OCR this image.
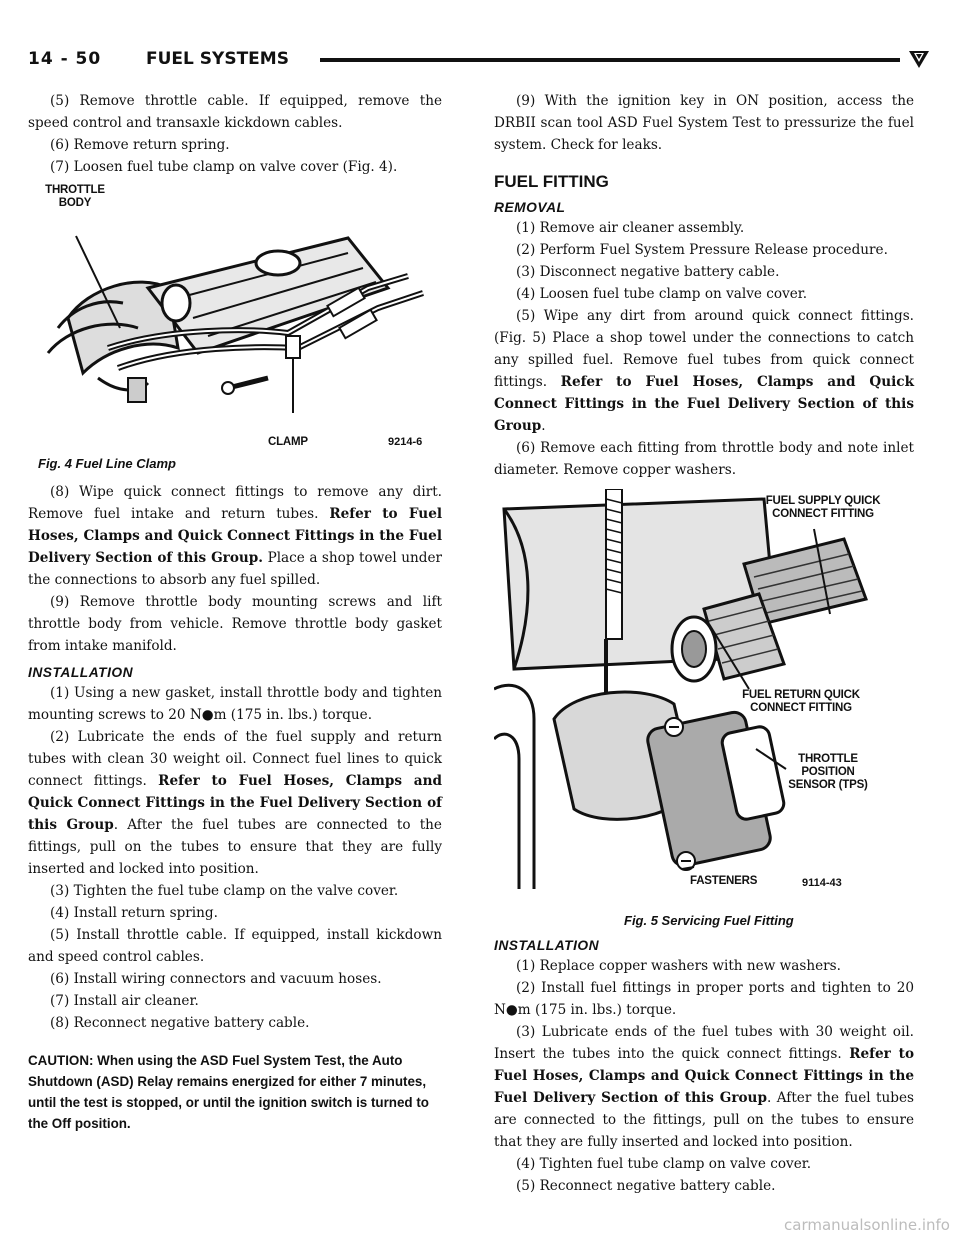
14 - 50	FUEL SYSTEMS

(5) Remove throttle cable. If equipped, remove the speed control and transaxle kickdown cables.

(6) Remove return spring.

(7) Loosen fuel tube clamp on valve cover (Fig. 4).

THROTTLE BODY
CLAMP	9214-6
Fig. 4 Fuel Line Clamp

(8) Wipe quick connect fittings to remove any dirt. Remove fuel intake and return tubes. Refer to Fuel Hoses, Clamps and Quick Connect Fittings in the Fuel Delivery Section of this Group. Place a shop towel under the connections to absorb any fuel spilled.

(9) Remove throttle body mounting screws and lift throttle body from vehicle. Remove throttle body gasket from intake manifold.

INSTALLATION

(1) Using a new gasket, install throttle body and tighten mounting screws to 20 N●m (175 in. lbs.) torque.

(2) Lubricate the ends of the fuel supply and return tubes with clean 30 weight oil. Connect fuel lines to quick connect fittings. Refer to Fuel Hoses, Clamps and Quick Connect Fittings in the Fuel Delivery Section of this Group. After the fuel tubes are connected to the fittings, pull on the tubes to ensure that they are fully inserted and locked into position.

(3) Tighten the fuel tube clamp on the valve cover.

(4) Install return spring.

(5) Install throttle cable. If equipped, install kickdown and speed control cables.

(6) Install wiring connectors and vacuum hoses.

(7) Install air cleaner.

(8) Reconnect negative battery cable.

CAUTION: When using the ASD Fuel System Test, the Auto Shutdown (ASD) Relay remains energized for either 7 minutes, until the test is stopped, or until the ignition switch is turned to the Off position.

(9) With the ignition key in ON position, access the DRBII scan tool ASD Fuel System Test to pressurize the fuel system. Check for leaks.

FUEL FITTING
REMOVAL

(1) Remove air cleaner assembly.

(2) Perform Fuel System Pressure Release procedure.

(3) Disconnect negative battery cable.

(4) Loosen fuel tube clamp on valve cover.

(5) Wipe any dirt from around quick connect fittings. (Fig. 5) Place a shop towel under the connections to catch any spilled fuel. Remove fuel tubes from quick connect fittings. Refer to Fuel Hoses, Clamps and Quick Connect Fittings in the Fuel Delivery Section of this Group.

(6) Remove each fitting from throttle body and note inlet diameter. Remove copper washers.

FUEL SUPPLY QUICK CONNECT FITTING
FUEL RETURN QUICK CONNECT FITTING
THROTTLE POSITION SENSOR (TPS)
FASTENERS	9114-43
Fig. 5 Servicing Fuel Fitting
INSTALLATION

(1) Replace copper washers with new washers.

(2) Install fuel fittings in proper ports and tighten to 20 N●m (175 in. lbs.) torque.

(3) Lubricate ends of the fuel tubes with 30 weight oil. Insert the tubes into the quick connect fittings. Refer to Fuel Hoses, Clamps and Quick Connect Fittings in the Fuel Delivery Section of this Group. After the fuel tubes are connected to the fittings, pull on the tubes to ensure that they are fully inserted and locked into position.

(4) Tighten fuel tube clamp on valve cover.

(5) Reconnect negative battery cable.

carmanualsonline.info
